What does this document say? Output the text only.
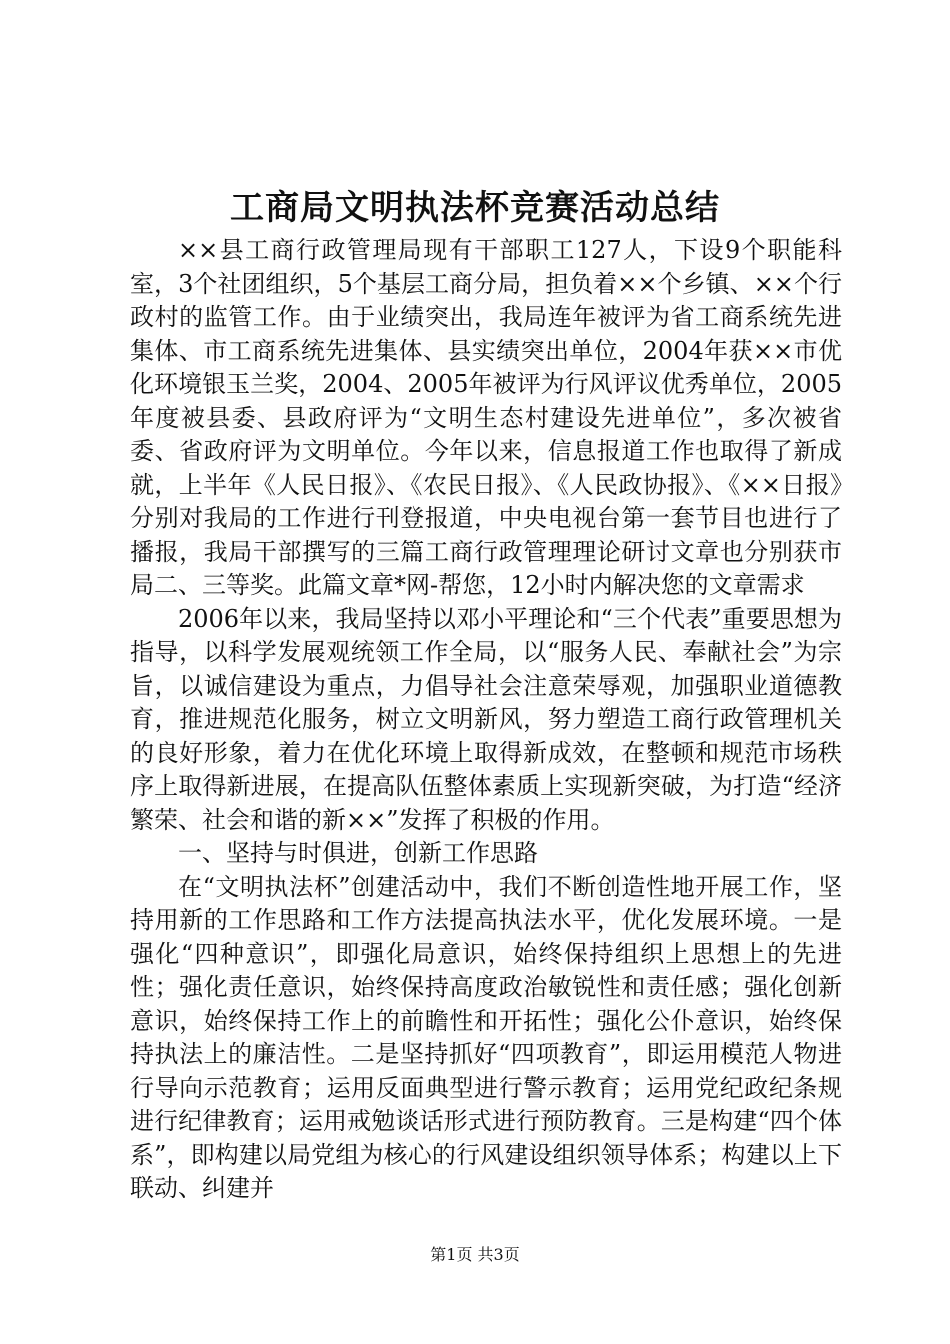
工商局文明执法杯竞赛活动总结

××县工商行政管理局现有干部职工127人，下设9个职能科室，3个社团组织，5个基层工商分局，担负着××个乡镇、××个行政村的监管工作。由于业绩突出，我局连年被评为省工商系统先进集体、市工商系统先进集体、县实绩突出单位，2004年获××市优化环境银玉兰奖，2004、2005年被评为行风评议优秀单位，2005年度被县委、县政府评为“文明生态村建设先进单位”，多次被省委、省政府评为文明单位。今年以来，信息报道工作也取得了新成就，上半年《人民日报》、《农民日报》、《人民政协报》、《××日报》分别对我局的工作进行刊登报道，中央电视台第一套节目也进行了播报，我局干部撰写的三篇工商行政管理理论研讨文章也分别获市局二、三等奖。此篇文章*网-帮您，12小时内解决您的文章需求

2006年以来，我局坚持以邓小平理论和“三个代表”重要思想为指导，以科学发展观统领工作全局，以“服务人民、奉献社会”为宗旨，以诚信建设为重点，力倡导社会注意荣辱观，加强职业道德教育，推进规范化服务，树立文明新风，努力塑造工商行政管理机关的良好形象，着力在优化环境上取得新成效，在整顿和规范市场秩序上取得新进展，在提高队伍整体素质上实现新突破，为打造“经济繁荣、社会和谐的新××”发挥了积极的作用。

一、坚持与时俱进，创新工作思路

在“文明执法杯”创建活动中，我们不断创造性地开展工作，坚持用新的工作思路和工作方法提高执法水平，优化发展环境。一是强化“四种意识”，即强化局意识，始终保持组织上思想上的先进性；强化责任意识，始终保持高度政治敏锐性和责任感；强化创新意识，始终保持工作上的前瞻性和开拓性；强化公仆意识，始终保持执法上的廉洁性。二是坚持抓好“四项教育”，即运用模范人物进行导向示范教育；运用反面典型进行警示教育；运用党纪政纪条规进行纪律教育；运用戒勉谈话形式进行预防教育。三是构建“四个体系”，即构建以局党组为核心的行风建设组织领导体系；构建以上下联动、纠建并

第1页 共3页
